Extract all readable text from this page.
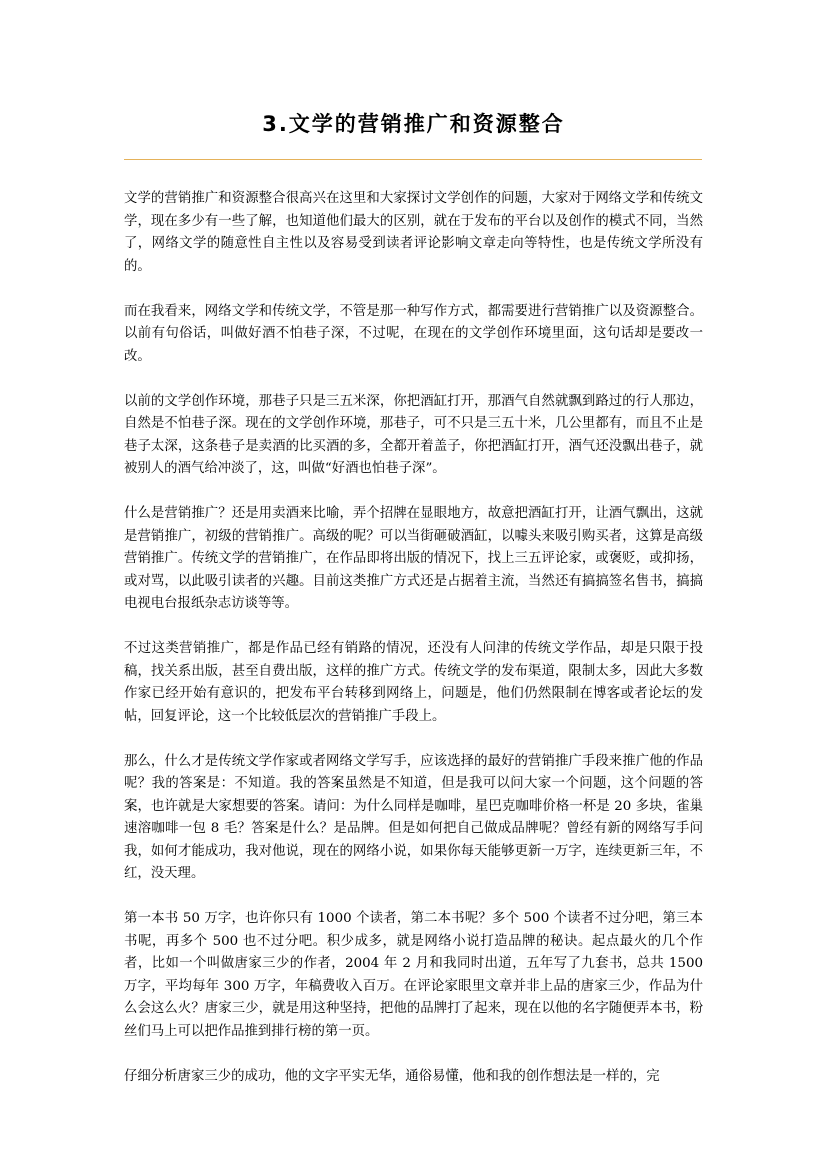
3.文学的营销推广和资源整合

文学的营销推广和资源整合很高兴在这里和大家探讨文学创作的问题，大家对于网络文学和传统文学，现在多少有一些了解，也知道他们最大的区别，就在于发布的平台以及创作的模式不同，当然了，网络文学的随意性自主性以及容易受到读者评论影响文章走向等特性，也是传统文学所没有的。

而在我看来，网络文学和传统文学，不管是那一种写作方式，都需要进行营销推广以及资源整合。以前有句俗话，叫做好酒不怕巷子深，不过呢，在现在的文学创作环境里面，这句话却是要改一改。

以前的文学创作环境，那巷子只是三五米深，你把酒缸打开，那酒气自然就飘到路过的行人那边，自然是不怕巷子深。现在的文学创作环境，那巷子，可不只是三五十米，几公里都有，而且不止是巷子太深，这条巷子是卖酒的比买酒的多，全都开着盖子，你把酒缸打开，酒气还没飘出巷子，就被别人的酒气给冲淡了，这，叫做“好酒也怕巷子深”。

什么是营销推广？还是用卖酒来比喻，弄个招牌在显眼地方，故意把酒缸打开，让酒气飘出，这就是营销推广，初级的营销推广。高级的呢？可以当街砸破酒缸，以噱头来吸引购买者，这算是高级营销推广。传统文学的营销推广，在作品即将出版的情况下，找上三五评论家，或褒贬，或抑扬，或对骂，以此吸引读者的兴趣。目前这类推广方式还是占据着主流，当然还有搞搞签名售书，搞搞电视电台报纸杂志访谈等等。

不过这类营销推广，都是作品已经有销路的情况，还没有人问津的传统文学作品，却是只限于投稿，找关系出版，甚至自费出版，这样的推广方式。传统文学的发布渠道，限制太多，因此大多数作家已经开始有意识的，把发布平台转移到网络上，问题是，他们仍然限制在博客或者论坛的发帖，回复评论，这一个比较低层次的营销推广手段上。

那么，什么才是传统文学作家或者网络文学写手，应该选择的最好的营销推广手段来推广他的作品呢？我的答案是：不知道。我的答案虽然是不知道，但是我可以问大家一个问题，这个问题的答案，也许就是大家想要的答案。请问：为什么同样是咖啡，星巴克咖啡价格一杯是 20 多块，雀巢速溶咖啡一包 8 毛？答案是什么？是品牌。但是如何把自己做成品牌呢？曾经有新的网络写手问我，如何才能成功，我对他说，现在的网络小说，如果你每天能够更新一万字，连续更新三年，不红，没天理。

第一本书 50 万字，也许你只有 1000 个读者，第二本书呢？多个 500 个读者不过分吧，第三本书呢，再多个 500 也不过分吧。积少成多，就是网络小说打造品牌的秘诀。起点最火的几个作者，比如一个叫做唐家三少的作者，2004 年 2 月和我同时出道，五年写了九套书，总共 1500 万字，平均每年 300 万字，年稿费收入百万。在评论家眼里文章并非上品的唐家三少，作品为什么会这么火？唐家三少，就是用这种坚持，把他的品牌打了起来，现在以他的名字随便弄本书，粉丝们马上可以把作品推到排行榜的第一页。

仔细分析唐家三少的成功，他的文字平实无华，通俗易懂，他和我的创作想法是一样的，完
